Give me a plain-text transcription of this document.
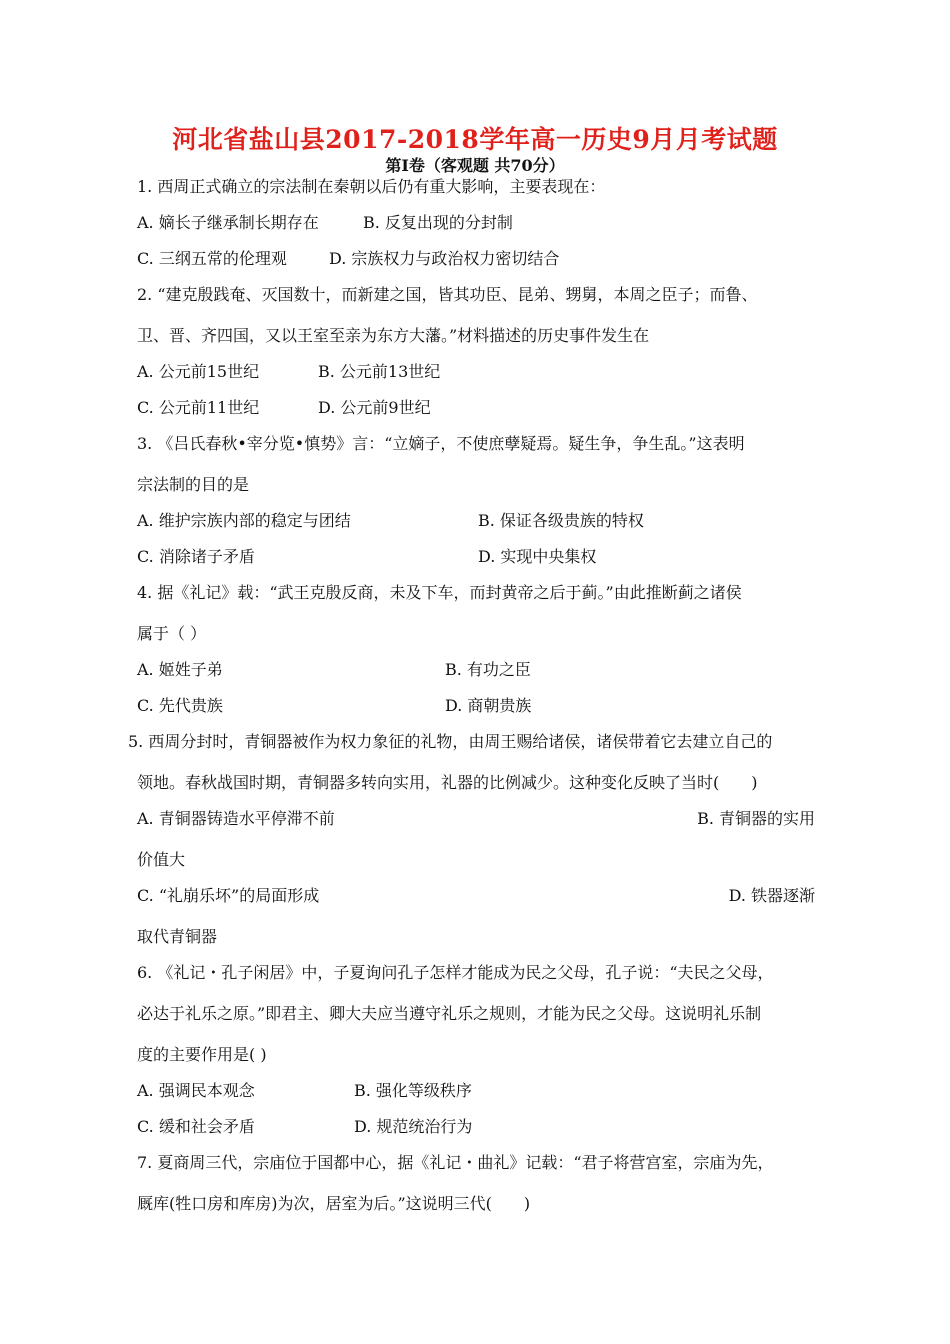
河北省盐山县2017-2018学年高一历史9月月考试题
第Ⅰ卷（客观题 共70分）
1. 西周正式确立的宗法制在秦朝以后仍有重大影响，主要表现在：
A. 嫡长子继承制长期存在	B. 反复出现的分封制
C. 三纲五常的伦理观	D. 宗族权力与政治权力密切结合
2. “建克殷践奄、灭国数十，而新建之国，皆其功臣、昆弟、甥舅，本周之臣子；而鲁、
卫、晋、齐四国，又以王室至亲为东方大藩。”材料描述的历史事件发生在
A. 公元前15世纪	B. 公元前13世纪
C. 公元前11世纪	D. 公元前9世纪
3. 《吕氏春秋•宰分览•慎势》言：“立嫡子，不使庶孽疑焉。疑生争，争生乱。”这表明
宗法制的目的是
A. 维护宗族内部的稳定与团结	B. 保证各级贵族的特权
C. 消除诸子矛盾	D. 实现中央集权
4. 据《礼记》载：“武王克殷反商，未及下车，而封黄帝之后于蓟。”由此推断蓟之诸侯
属于（ ）
A. 姬姓子弟	B. 有功之臣
C. 先代贵族	D. 商朝贵族
5. 西周分封时，青铜器被作为权力象征的礼物，由周王赐给诸侯，诸侯带着它去建立自己的
领地。春秋战国时期，青铜器多转向实用，礼器的比例减少。这种变化反映了当时(　　)
A. 青铜器铸造水平停滞不前	B. 青铜器的实用
价值大
C. “礼崩乐坏”的局面形成	D. 铁器逐渐
取代青铜器
6. 《礼记・孔子闲居》中，子夏询问孔子怎样才能成为民之父母，孔子说：“夫民之父母，
必达于礼乐之原。”即君主、卿大夫应当遵守礼乐之规则，才能为民之父母。这说明礼乐制
度的主要作用是( )
A. 强调民本观念	B. 强化等级秩序
C. 缓和社会矛盾	D. 规范统治行为
7. 夏商周三代，宗庙位于国都中心，据《礼记・曲礼》记载：“君子将营宫室，宗庙为先，
厩库(牲口房和库房)为次，居室为后。”这说明三代(　　)
